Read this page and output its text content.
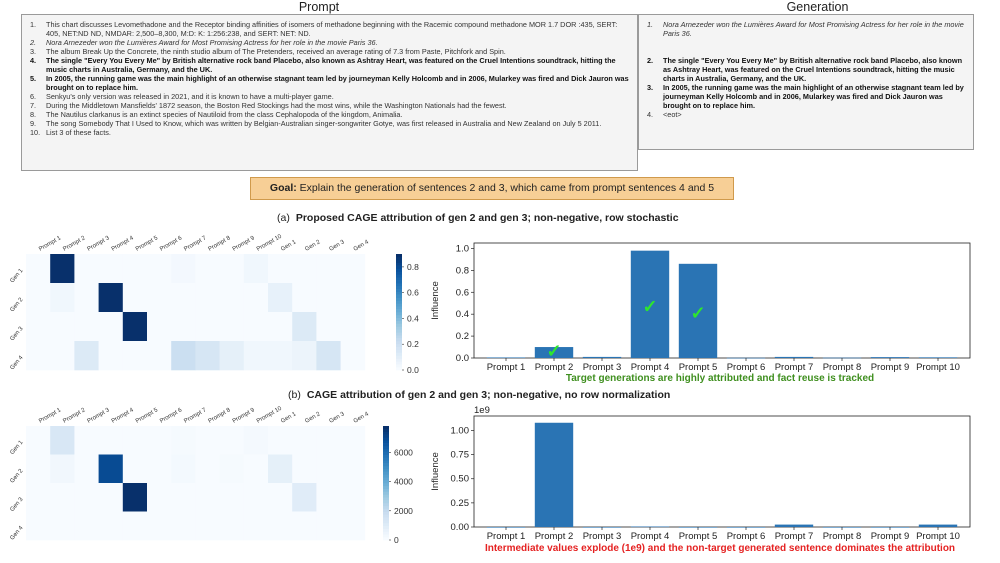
Prompt	Generation
1. This chart discusses Levomethadone and the Receptor binding affinities of isomers of methadone beginning with the Racemic compound methadone MOR 1.7 DOR :435, SERT: 405, NET:ND ND, NMDAR: 2,500–8,300, M:D: K: 1:256:238, and SERT: NET: ND.
2. Nora Arnezeder won the Lumières Award for Most Promising Actress for her role in the movie Paris 36.
3. The album Break Up the Concrete, the ninth studio album of The Pretenders, received an average rating of 7.3 from Paste, Pitchfork and Spin.
4. The single "Every You Every Me" by British alternative rock band Placebo, also known as Ashtray Heart, was featured on the Cruel Intentions soundtrack, hitting the music charts in Australia, Germany, and the UK.
5. In 2005, the running game was the main highlight of an otherwise stagnant team led by journeyman Kelly Holcomb and in 2006, Mularkey was fired and Dick Jauron was brought on to replace him.
6. Senkyu's only version was released in 2021, and it is known to have a multi-player game.
7. During the Middletown Mansfields' 1872 season, the Boston Red Stockings had the most wins, while the Washington Nationals had the fewest.
8. The Nautilus clarkanus is an extinct species of Nautiloid from the class Cephalopoda of the kingdom, Animalia.
9. The song Somebody That I Used to Know, which was written by Belgian-Australian singer-songwriter Gotye, was first released in Australia and New Zealand on July 5 2011.
10. List 3 of these facts.
1. Nora Arnezeder won the Lumières Award for Most Promising Actress for her role in the movie Paris 36.
2. The single "Every You Every Me" by British alternative rock band Placebo, also known as Ashtray Heart, was featured on the Cruel Intentions soundtrack, hitting the music charts in Australia, Germany, and the UK.
3. In 2005, the running game was the main highlight of an otherwise stagnant team led by journeyman Kelly Holcomb and in 2006, Mularkey was fired and Dick Jauron was brought on to replace him.
4. <eot>
Goal: Explain the generation of sentences 2 and 3, which came from prompt sentences 4 and 5
(a) Proposed CAGE attribution of gen 2 and gen 3; non-negative, row stochastic
Prompt 1 Prompt 2 Prompt 3 Prompt 4 Prompt 5 Prompt 6 Prompt 7 Prompt 8 Prompt 9 Prompt 10
Gen 1 Gen 2 Gen 3 Gen 4
Gen 1
Gen 2
Gen 3
Gen 4	0.0
0.2
0.4
0.6
0.8
0.0
0.2
0.4
0.6
0.8
1.0
Influence
Prompt 1 Prompt 2
✓
Prompt 3 Prompt 4
✓
Prompt 5
✓
Prompt 6 Prompt 7 Prompt 8 Prompt 9 Prompt 10
Target generations are highly attributed and fact reuse is tracked
(b) CAGE attribution of gen 2 and gen 3; non-negative, no row normalization
Prompt 1 Prompt 2 Prompt 3 Prompt 4 Prompt 5 Prompt 6 Prompt 7 Prompt 8 Prompt 9 Prompt 10
Gen 1 Gen 2 Gen 3 Gen 4
Gen 1
Gen 2
Gen 3
Gen 4	0
2000
4000
6000
0.00
0.25
0.50
0.75
1.00
Influence
1e9
Prompt 1 Prompt 2 Prompt 3 Prompt 4 Prompt 5 Prompt 6 Prompt 7 Prompt 8 Prompt 9 Prompt 10
Intermediate values explode (1e9) and the non-target generated sentence dominates the attribution
